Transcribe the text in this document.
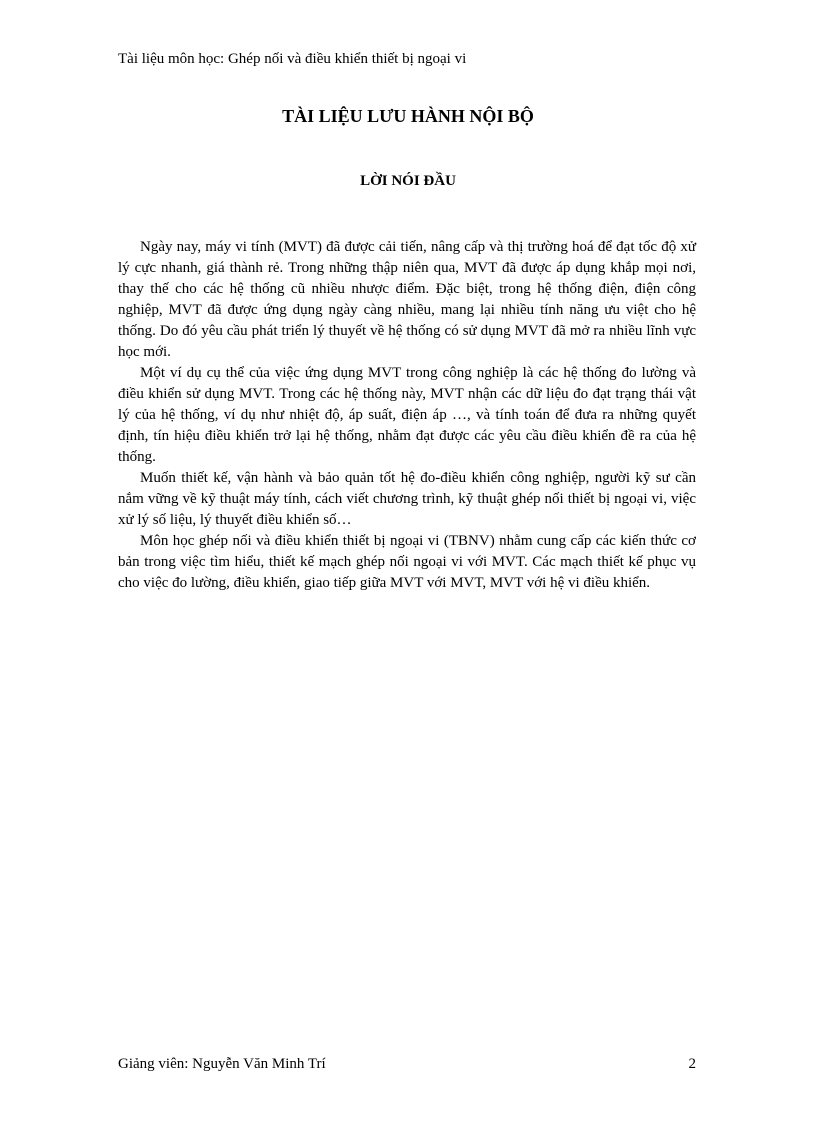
Tài liệu môn học: Ghép nối và điều khiển thiết bị ngoại vi
TÀI LIỆU LƯU HÀNH NỘI BỘ
LỜI NÓI ĐẦU

Ngày nay, máy vi tính (MVT) đã được cải tiến, nâng cấp và thị trường hoá để đạt tốc độ xử lý cực nhanh, giá thành rẻ. Trong những thập niên qua, MVT đã được áp dụng khắp mọi nơi, thay thế cho các hệ thống cũ nhiều nhược điểm. Đặc biệt, trong hệ thống điện, điện công nghiệp, MVT đã được ứng dụng ngày càng nhiều, mang lại nhiều tính năng ưu việt cho hệ thống. Do đó yêu cầu phát triển lý thuyết về hệ thống có sử dụng MVT đã mở ra nhiều lĩnh vực học mới.

Một ví dụ cụ thể của việc ứng dụng MVT trong công nghiệp là các hệ thống đo lường và điều khiển sử dụng MVT. Trong các hệ thống này, MVT nhận các dữ liệu đo đạt trạng thái vật lý của hệ thống, ví dụ như nhiệt độ, áp suất, điện áp …, và tính toán để đưa ra những quyết định, tín hiệu điều khiển trở lại hệ thống, nhằm đạt được các yêu cầu điều khiển đề ra của hệ thống.

Muốn thiết kế, vận hành và bảo quản tốt hệ đo-điều khiển công nghiệp, người kỹ sư cần nắm vững về kỹ thuật máy tính, cách viết chương trình, kỹ thuật ghép nối thiết bị ngoại vi, việc xử lý số liệu, lý thuyết điều khiển số…

Môn học ghép nối và điều khiển thiết bị ngoại vi (TBNV) nhằm cung cấp các kiến thức cơ bản trong việc tìm hiểu, thiết kế mạch ghép nối ngoại vi với MVT. Các mạch thiết kế phục vụ cho việc đo lường, điều khiển, giao tiếp giữa MVT với MVT, MVT với hệ vi điều khiển.

Giảng viên: Nguyễn Văn Minh Trí	2
